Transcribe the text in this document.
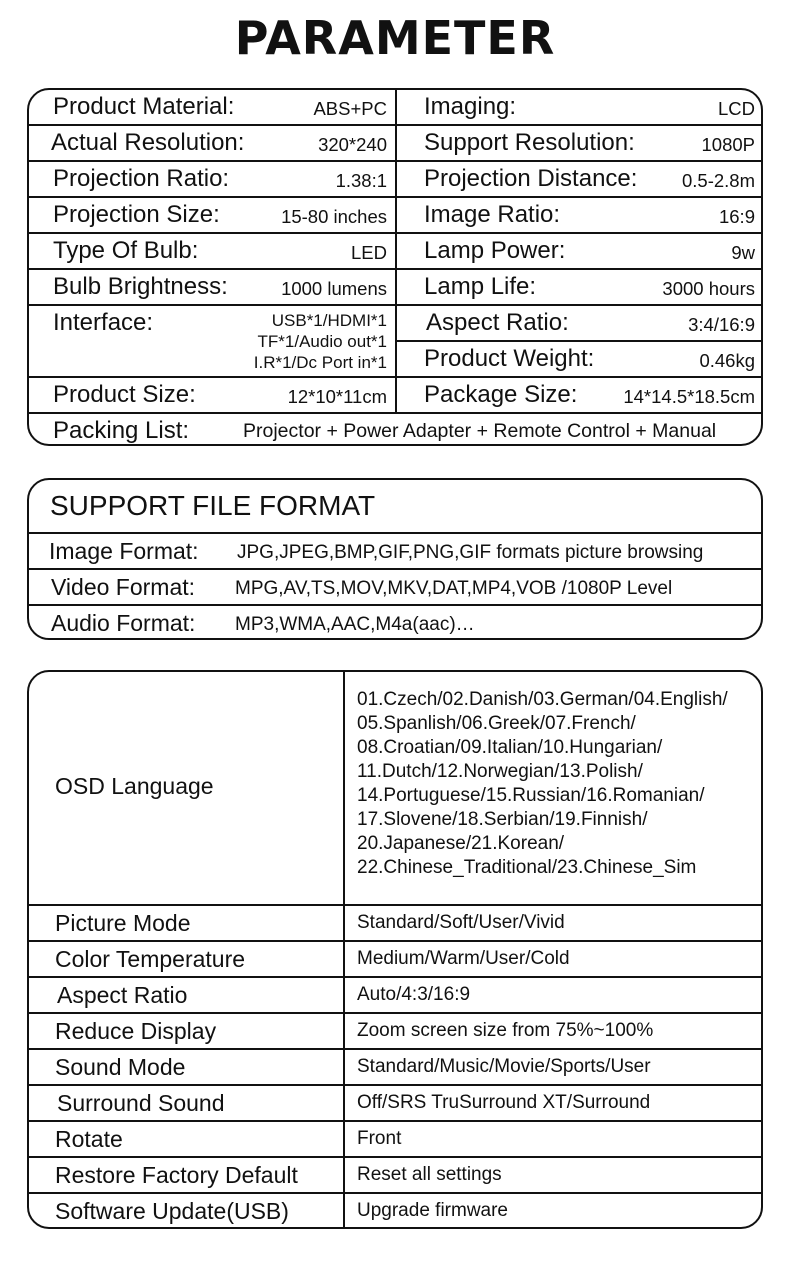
PARAMETER
Product Material:	ABS+PC Imaging:	LCD
Actual Resolution:	320*240 Support Resolution:	1080P
Projection Ratio:	1.38:1 Projection Distance: 0.5-2.8m
Projection Size:	15-80 inches Image Ratio:	16:9
Type Of Bulb:	LED Lamp Power:	9w
Bulb Brightness:	1000 lumens Lamp Life:	3000 hours
Interface:	USB*1/HDMI*1
TF*1/Audio out*1
I.R*1/Dc Port in*1
Aspect Ratio:	3:4/16:9
Product Weight:	0.46kg
Product Size:	12*10*11cm Package Size: 14*14.5*18.5cm
Packing List:	Projector + Power Adapter + Remote Control + Manual
SUPPORT FILE FORMAT
Image Format: JPG,JPEG,BMP,GIF,PNG,GIF formats picture browsing
Video Format: MPG,AV,TS,MOV,MKV,DAT,MP4,VOB /1080P Level
Audio Format: MP3,WMA,AAC,M4a(aac)…
OSD Language
01.Czech/02.Danish/03.German/04.English/
05.Spanlish/06.Greek/07.French/
08.Croatian/09.Italian/10.Hungarian/
11.Dutch/12.Norwegian/13.Polish/
14.Portuguese/15.Russian/16.Romanian/
17.Slovene/18.Serbian/19.Finnish/
20.Japanese/21.Korean/
22.Chinese_Traditional/23.Chinese_Sim
Picture Mode	Standard/Soft/User/Vivid
Color Temperature	Medium/Warm/User/Cold
Aspect Ratio	Auto/4:3/16:9
Reduce Display	Zoom screen size from 75%~100%
Sound Mode	Standard/Music/Movie/Sports/User
Surround Sound	Off/SRS TruSurround XT/Surround
Rotate	Front
Restore Factory Default	Reset all settings
Software Update(USB)	Upgrade firmware
